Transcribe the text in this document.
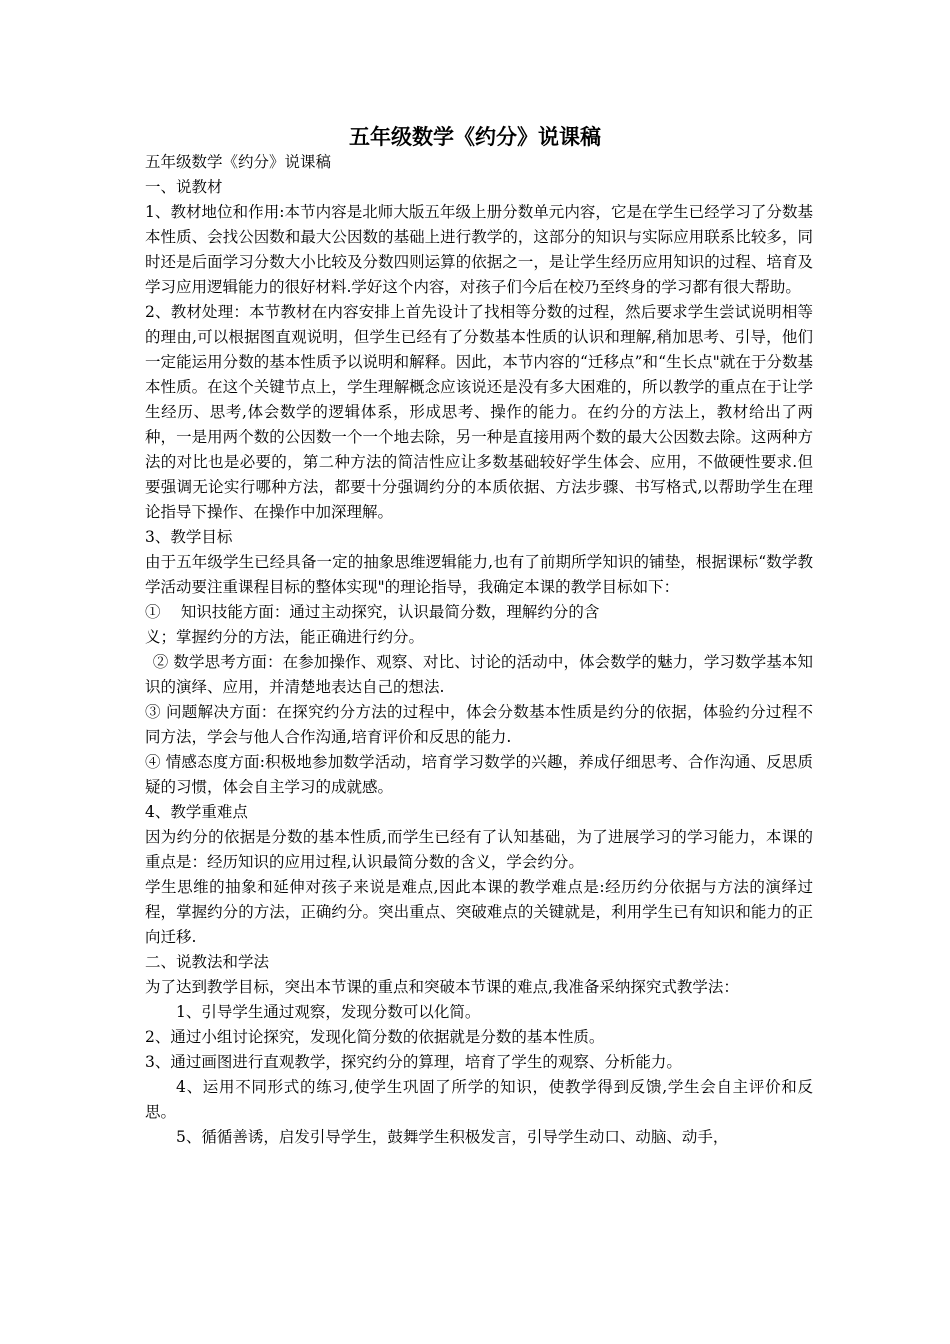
五年级数学《约分》说课稿

五年级数学《约分》说课稿

一、说教材

1、教材地位和作用:本节内容是北师大版五年级上册分数单元内容，它是在学生已经学习了分数基本性质、会找公因数和最大公因数的基础上进行教学的，这部分的知识与实际应用联系比较多，同时还是后面学习分数大小比较及分数四则运算的依据之一，是让学生经历应用知识的过程、培育及学习应用逻辑能力的很好材料.学好这个内容，对孩子们今后在校乃至终身的学习都有很大帮助。

2、教材处理：本节教材在内容安排上首先设计了找相等分数的过程，然后要求学生尝试说明相等的理由,可以根据图直观说明，但学生已经有了分数基本性质的认识和理解,稍加思考、引导，他们一定能运用分数的基本性质予以说明和解释。因此，本节内容的“迁移点”和“生长点"就在于分数基本性质。在这个关键节点上，学生理解概念应该说还是没有多大困难的，所以教学的重点在于让学生经历、思考,体会数学的逻辑体系，形成思考、操作的能力。在约分的方法上，教材给出了两种，一是用两个数的公因数一个一个地去除，另一种是直接用两个数的最大公因数去除。这两种方法的对比也是必要的，第二种方法的简洁性应让多数基础较好学生体会、应用，不做硬性要求.但要强调无论实行哪种方法，都要十分强调约分的本质依据、方法步骤、书写格式,以帮助学生在理论指导下操作、在操作中加深理解。

3、教学目标

由于五年级学生已经具备一定的抽象思维逻辑能力,也有了前期所学知识的铺垫，根据课标“数学教学活动要注重课程目标的整体实现"的理论指导，我确定本课的教学目标如下：

①　 知识技能方面：通过主动探究，认识最简分数，理解约分的含

义；掌握约分的方法，能正确进行约分。

② 数学思考方面：在参加操作、观察、对比、讨论的活动中，体会数学的魅力，学习数学基本知识的演绎、应用，并清楚地表达自己的想法.

③ 问题解决方面：在探究约分方法的过程中，体会分数基本性质是约分的依据，体验约分过程不同方法，学会与他人合作沟通,培育评价和反思的能力.

④ 情感态度方面:积极地参加数学活动，培育学习数学的兴趣，养成仔细思考、合作沟通、反思质疑的习惯，体会自主学习的成就感。

4、教学重难点

因为约分的依据是分数的基本性质,而学生已经有了认知基础，为了进展学习的学习能力，本课的重点是：经历知识的应用过程,认识最简分数的含义，学会约分。

学生思维的抽象和延伸对孩子来说是难点,因此本课的教学难点是:经历约分依据与方法的演绎过程，掌握约分的方法，正确约分。突出重点、突破难点的关键就是，利用学生已有知识和能力的正向迁移.

二、说教法和学法

为了达到教学目标，突出本节课的重点和突破本节课的难点,我准备采纳探究式教学法：

1、引导学生通过观察，发现分数可以化简。

2、通过小组讨论探究，发现化简分数的依据就是分数的基本性质。

3、通过画图进行直观教学，探究约分的算理，培育了学生的观察、分析能力。

4、运用不同形式的练习,使学生巩固了所学的知识，使教学得到反馈,学生会自主评价和反思。

5、循循善诱，启发引导学生，鼓舞学生积极发言，引导学生动口、动脑、动手，
